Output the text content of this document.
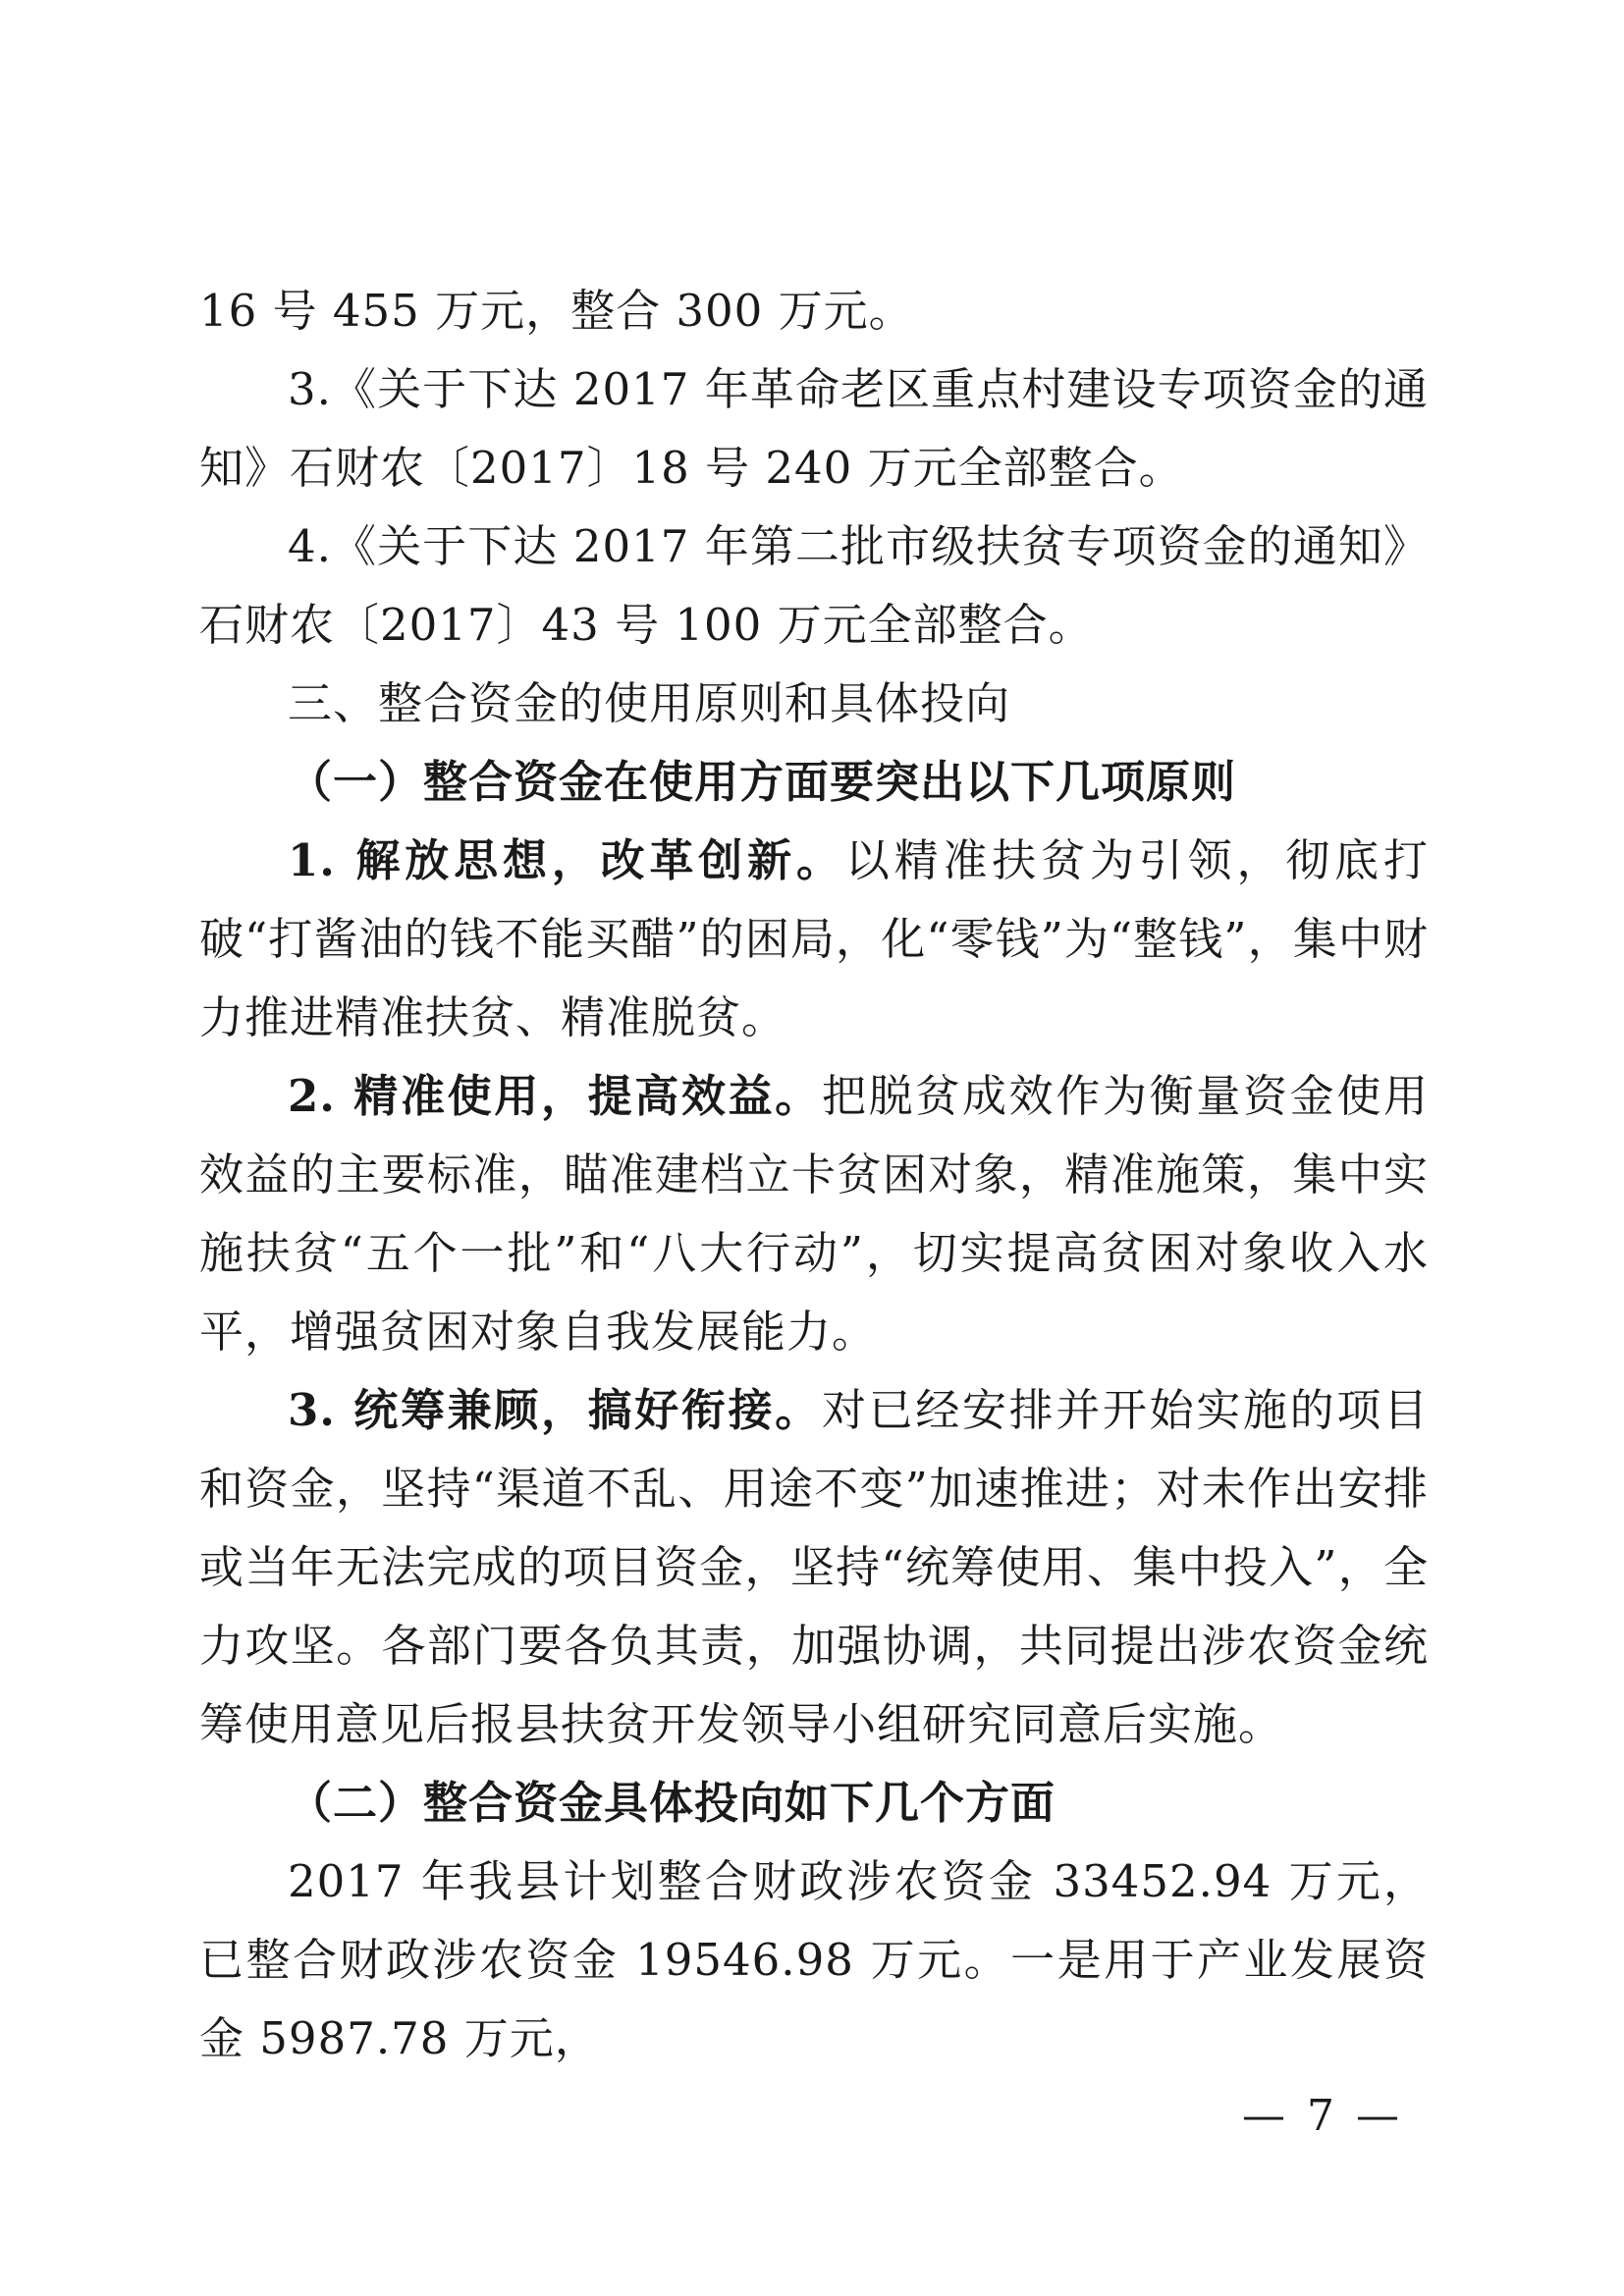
16 号 455 万元，整合 300 万元。

3.《关于下达 2017 年革命老区重点村建设专项资金的通知》石财农〔2017〕18 号 240 万元全部整合。

4.《关于下达 2017 年第二批市级扶贫专项资金的通知》石财农〔2017〕43 号 100 万元全部整合。

三、整合资金的使用原则和具体投向

（一）整合资金在使用方面要突出以下几项原则

1. 解放思想，改革创新。以精准扶贫为引领，彻底打破“打酱油的钱不能买醋”的困局，化“零钱”为“整钱”，集中财力推进精准扶贫、精准脱贫。

2. 精准使用，提高效益。把脱贫成效作为衡量资金使用效益的主要标准，瞄准建档立卡贫困对象，精准施策，集中实施扶贫“五个一批”和“八大行动”，切实提高贫困对象收入水平，增强贫困对象自我发展能力。

3. 统筹兼顾，搞好衔接。对已经安排并开始实施的项目和资金，坚持“渠道不乱、用途不变”加速推进；对未作出安排或当年无法完成的项目资金，坚持“统筹使用、集中投入”，全力攻坚。各部门要各负其责，加强协调，共同提出涉农资金统筹使用意见后报县扶贫开发领导小组研究同意后实施。

（二）整合资金具体投向如下几个方面

2017 年我县计划整合财政涉农资金 33452.94 万元，已整合财政涉农资金 19546.98 万元。一是用于产业发展资金 5987.78 万元，

— 7 —
